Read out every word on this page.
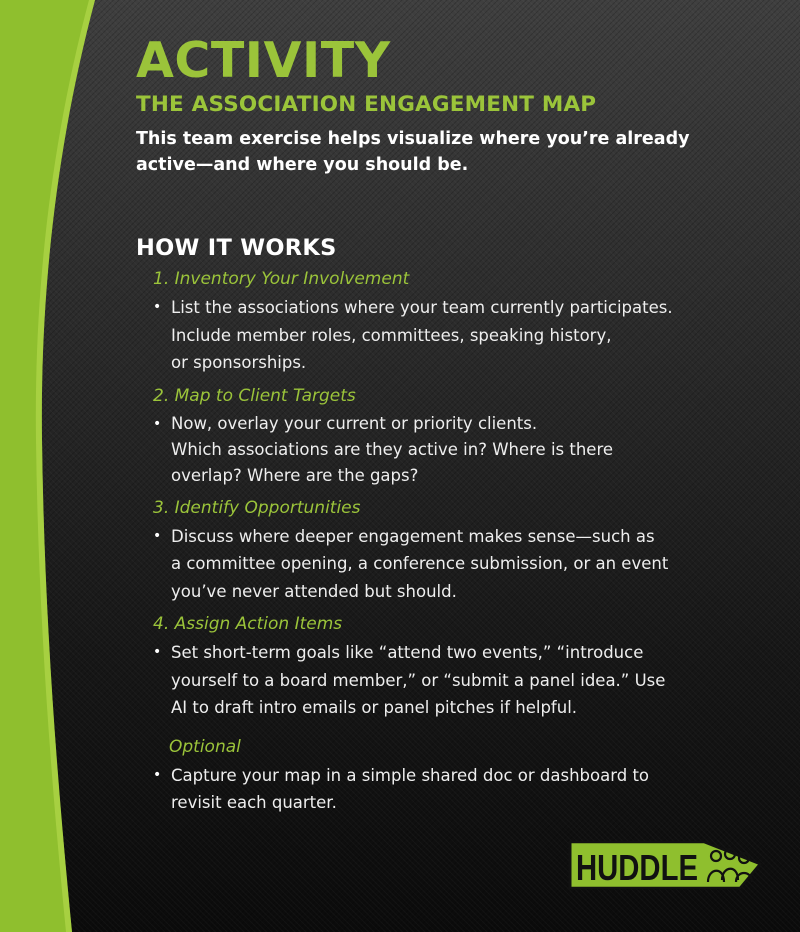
ACTIVITY
THE ASSOCIATION ENGAGEMENT MAP

This team exercise helps visualize where you’re already active—and where you should be.

HOW IT WORKS
1. Inventory Your Involvement
• List the associations where your team currently participates.
Include member roles, committees, speaking history,
or sponsorships.
2. Map to Client Targets
• Now, overlay your current or priority clients.
Which associations are they active in? Where is there
overlap? Where are the gaps?
3. Identify Opportunities
• Discuss where deeper engagement makes sense—such as
a committee opening, a conference submission, or an event
you’ve never attended but should.
4. Assign Action Items
• Set short-term goals like “attend two events,” “introduce
yourself to a board member,” or “submit a panel idea.” Use
AI to draft intro emails or panel pitches if helpful.
Optional
• Capture your map in a simple shared doc or dashboard to
revisit each quarter.
HUDDLE
